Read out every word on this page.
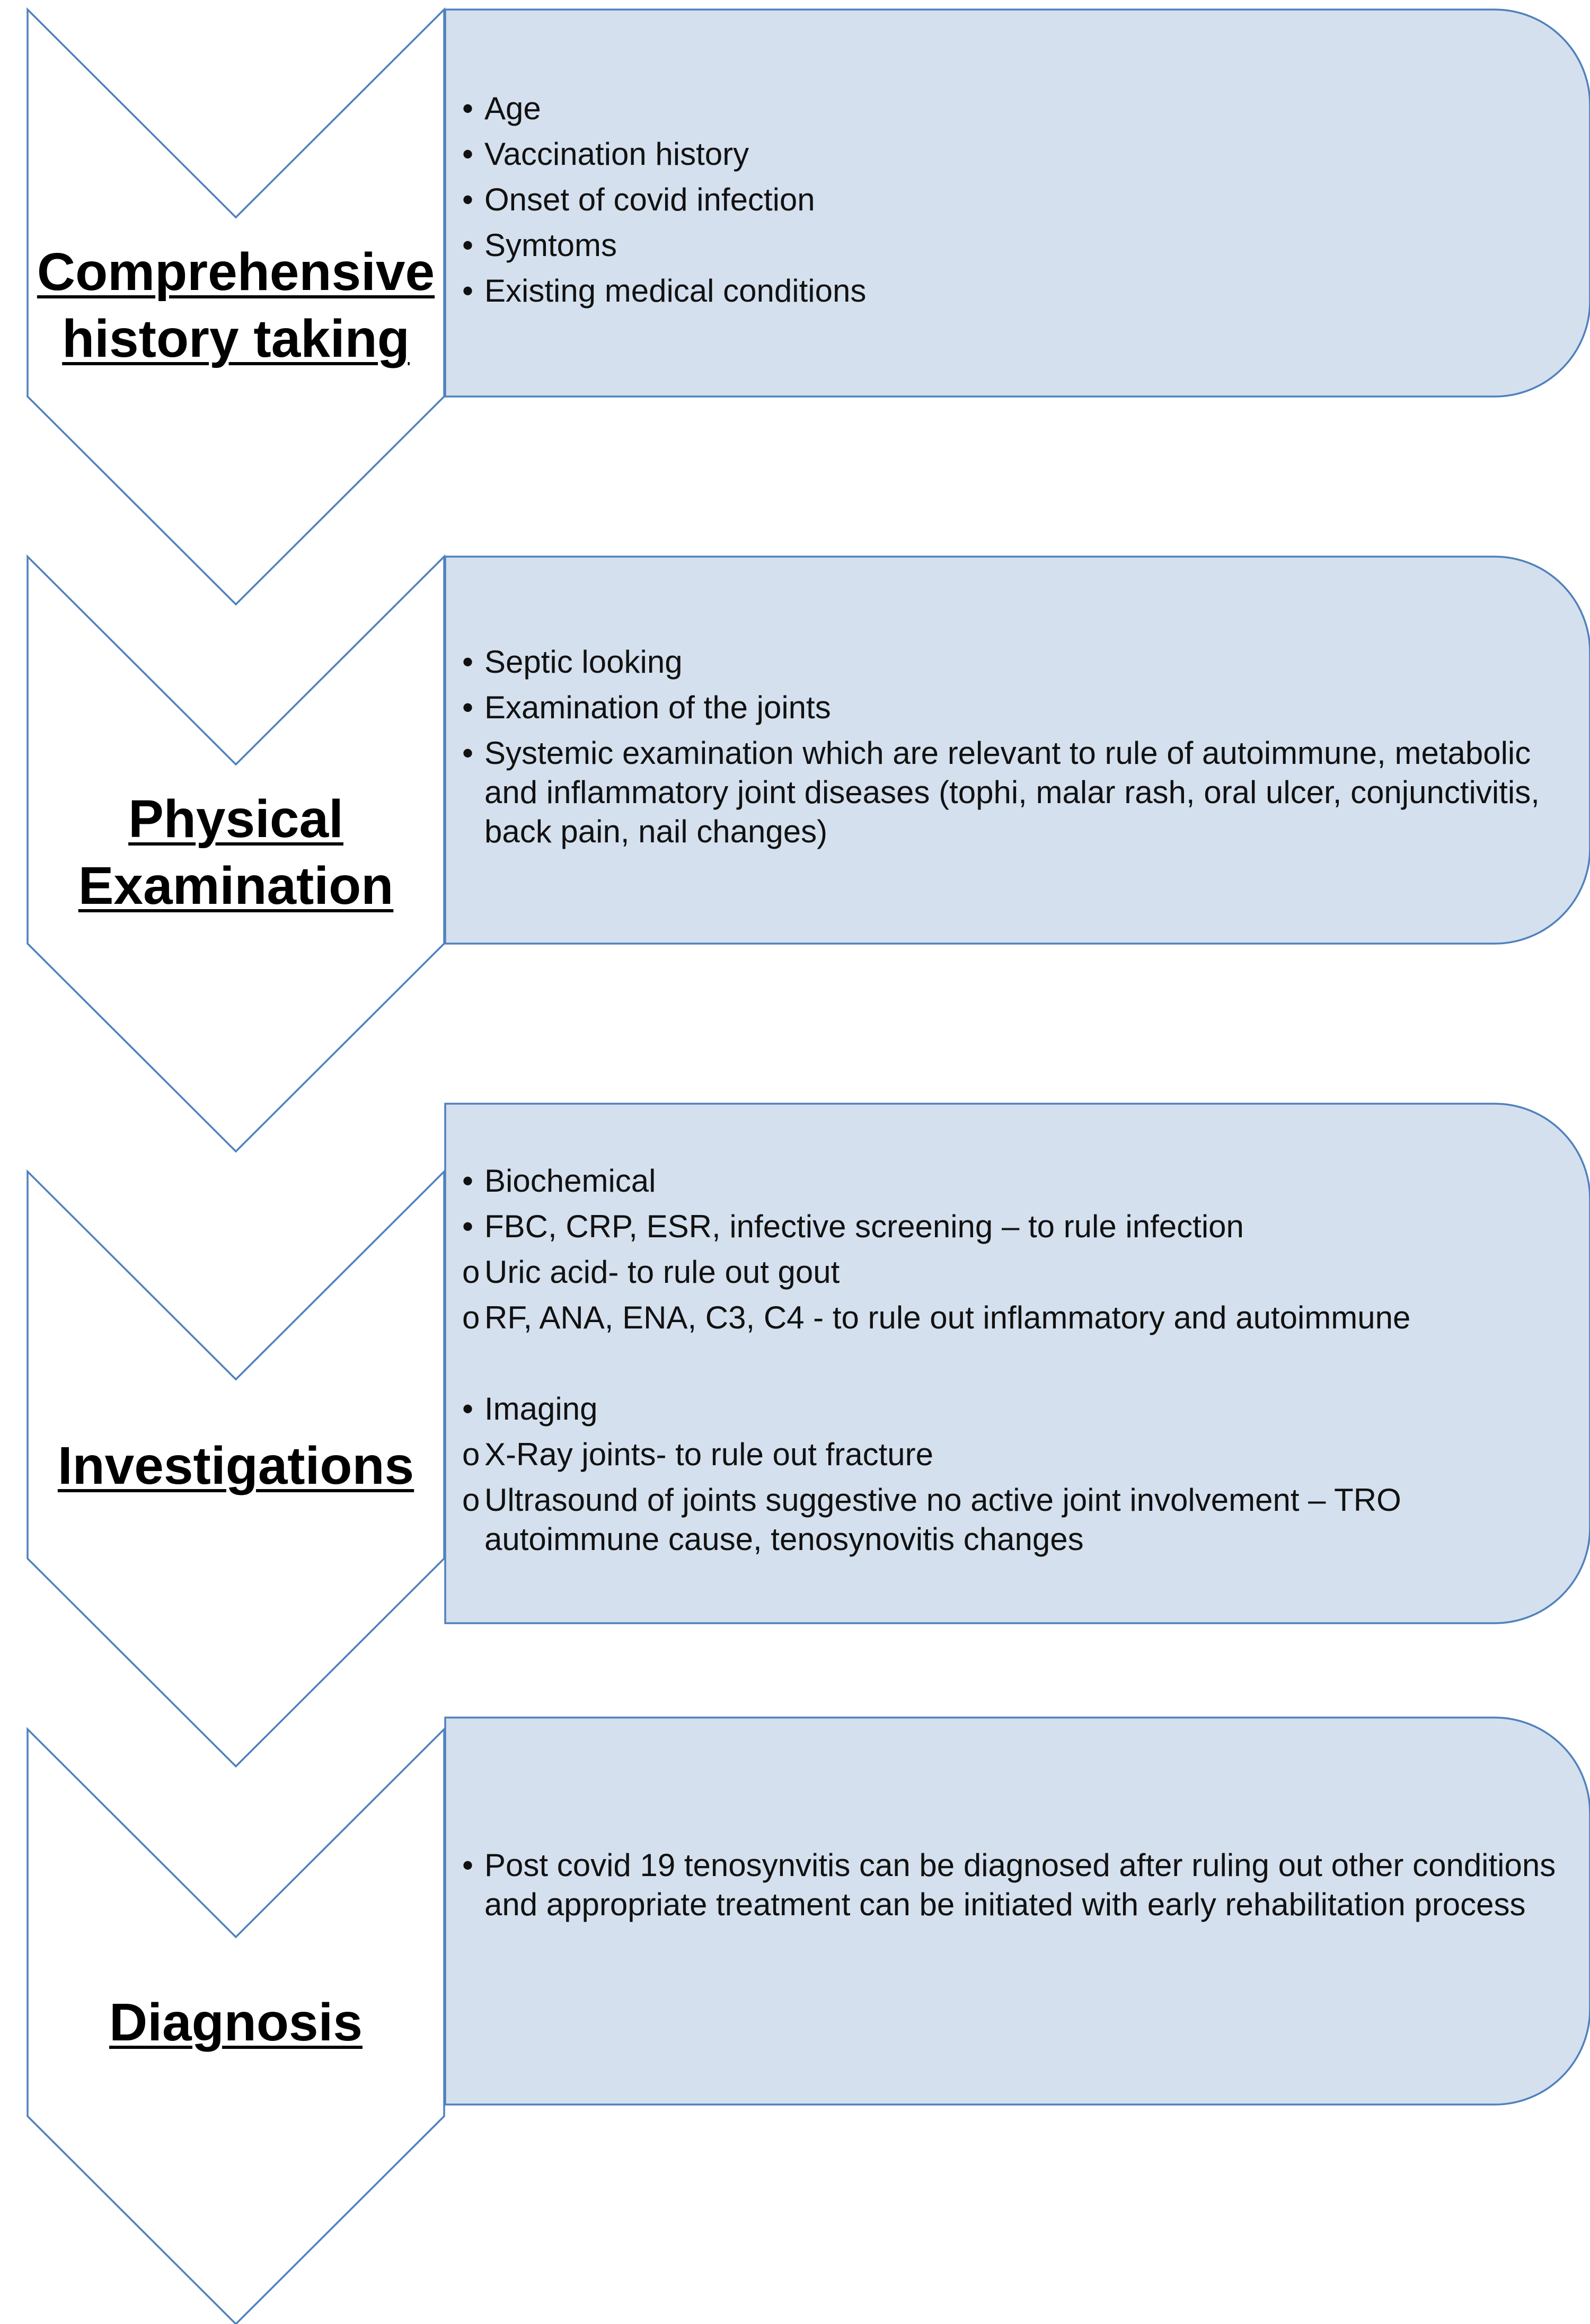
Comprehensive
history taking
Physical
Examination
Investigations
Diagnosis
• Age
• Vaccination history
• Onset of covid infection
• Symtoms
• Existing medical conditions
• Septic looking
• Examination of the joints
• Systemic examination which are relevant to rule of autoimmune, metabolic and inflammatory joint diseases (tophi, malar rash, oral ulcer, conjunctivitis, back pain, nail changes)
• Biochemical
• FBC, CRP, ESR, infective screening – to rule infection
o Uric acid- to rule out gout
o RF, ANA, ENA, C3, C4 - to rule out inflammatory and autoimmune
• Imaging
o X-Ray joints- to rule out fracture
o Ultrasound of joints suggestive no active joint involvement – TRO autoimmune cause, tenosynovitis changes
• Post covid 19 tenosynvitis can be diagnosed after ruling out other conditions and appropriate treatment can be initiated with early rehabilitation process
